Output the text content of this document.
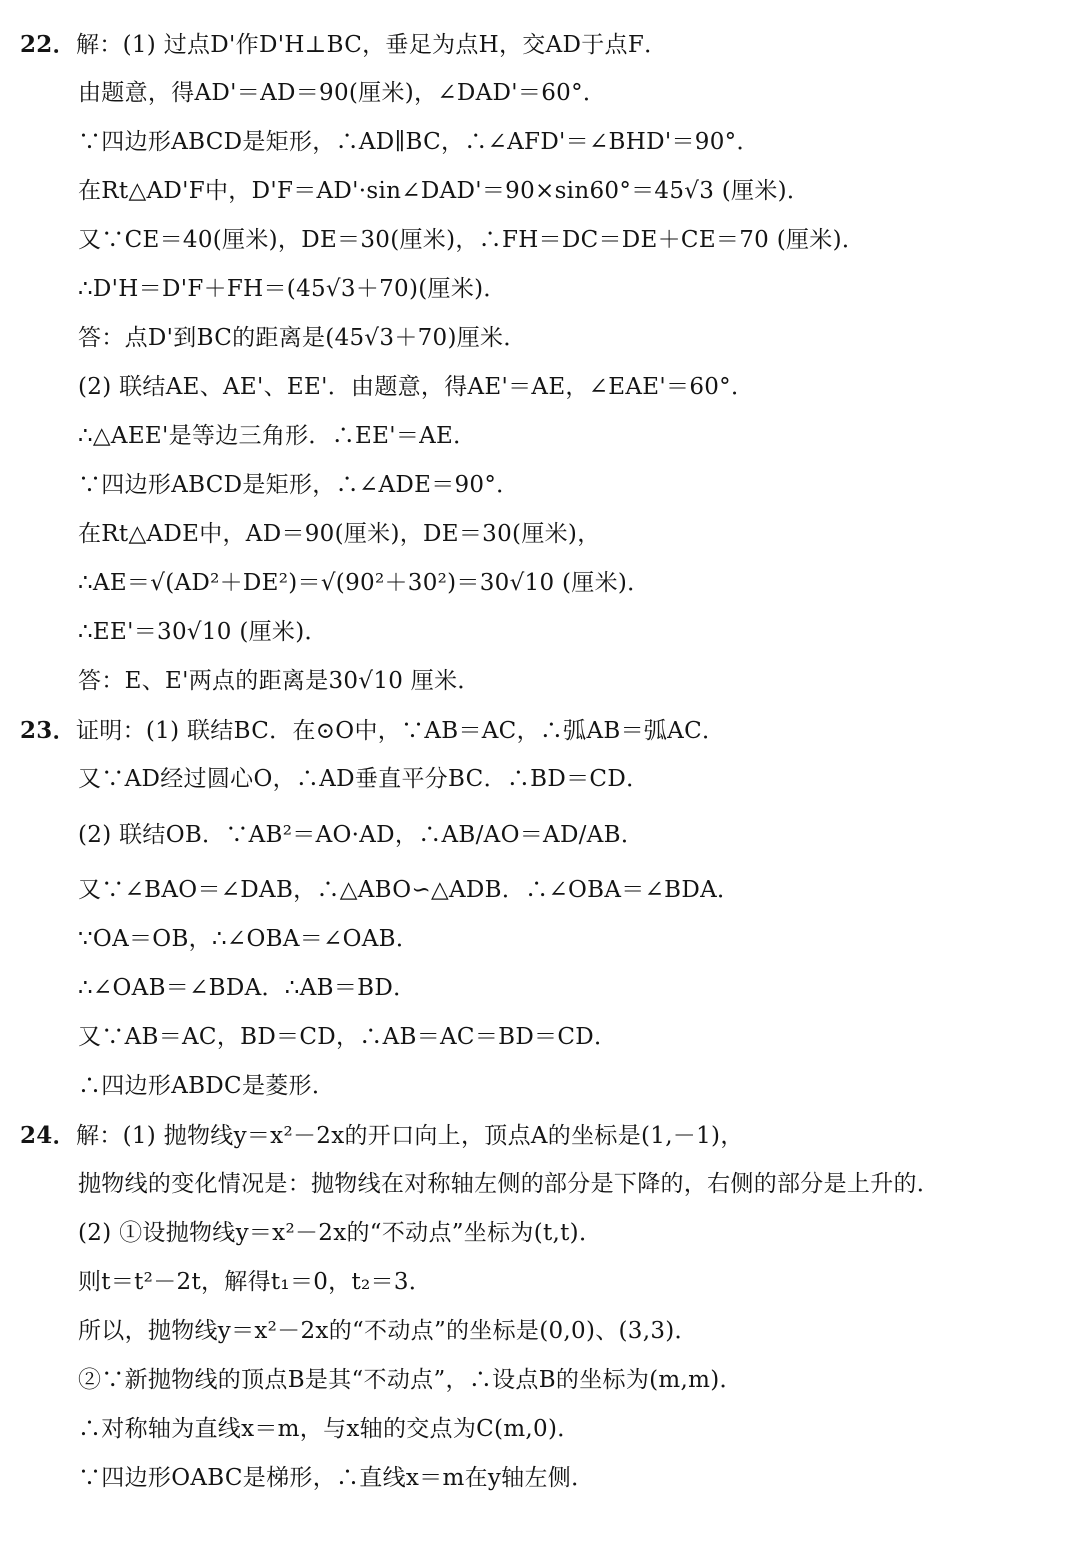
22．解：(1) 过点D'作D'H⊥BC，垂足为点H，交AD于点F．
由题意，得AD'＝AD＝90(厘米)，∠DAD'＝60°．
∵四边形ABCD是矩形，∴AD∥BC，∴∠AFD'＝∠BHD'＝90°．
在Rt△AD'F中，D'F＝AD'·sin∠DAD'＝90×sin60°＝45√3 (厘米)．
又∵CE＝40(厘米)，DE＝30(厘米)，∴FH＝DC＝DE＋CE＝70 (厘米)．
∴D'H＝D'F＋FH＝(45√3＋70)(厘米)．
答：点D'到BC的距离是(45√3＋70)厘米．
(2) 联结AE、AE'、EE'．由题意，得AE'＝AE，∠EAE'＝60°．
∴△AEE'是等边三角形．∴EE'＝AE．
∵四边形ABCD是矩形，∴∠ADE＝90°．
在Rt△ADE中，AD＝90(厘米)，DE＝30(厘米)，
∴AE＝√(AD²＋DE²)＝√(90²＋30²)＝30√10 (厘米)．
∴EE'＝30√10 (厘米)．
答：E、E'两点的距离是30√10 厘米．
23．证明：(1) 联结BC．在⊙O中，∵AB＝AC，∴弧AB＝弧AC．
又∵AD经过圆心O，∴AD垂直平分BC．∴BD＝CD．
(2) 联结OB．∵AB²＝AO·AD，∴AB/AO＝AD/AB．
又∵∠BAO＝∠DAB，∴△ABO∽△ADB．∴∠OBA＝∠BDA．
∵OA＝OB，∴∠OBA＝∠OAB．
∴∠OAB＝∠BDA．∴AB＝BD．
又∵AB＝AC，BD＝CD，∴AB＝AC＝BD＝CD．
∴四边形ABDC是菱形．
24．解：(1) 抛物线y＝x²－2x的开口向上，顶点A的坐标是(1,－1)，
抛物线的变化情况是：抛物线在对称轴左侧的部分是下降的，右侧的部分是上升的．
(2) ①设抛物线y＝x²－2x的“不动点”坐标为(t,t)．
则t＝t²－2t，解得t₁＝0，t₂＝3．
所以，抛物线y＝x²－2x的“不动点”的坐标是(0,0)、(3,3)．
②∵新抛物线的顶点B是其“不动点”，∴设点B的坐标为(m,m)．
∴对称轴为直线x＝m，与x轴的交点为C(m,0)．
∵四边形OABC是梯形，∴直线x＝m在y轴左侧．
